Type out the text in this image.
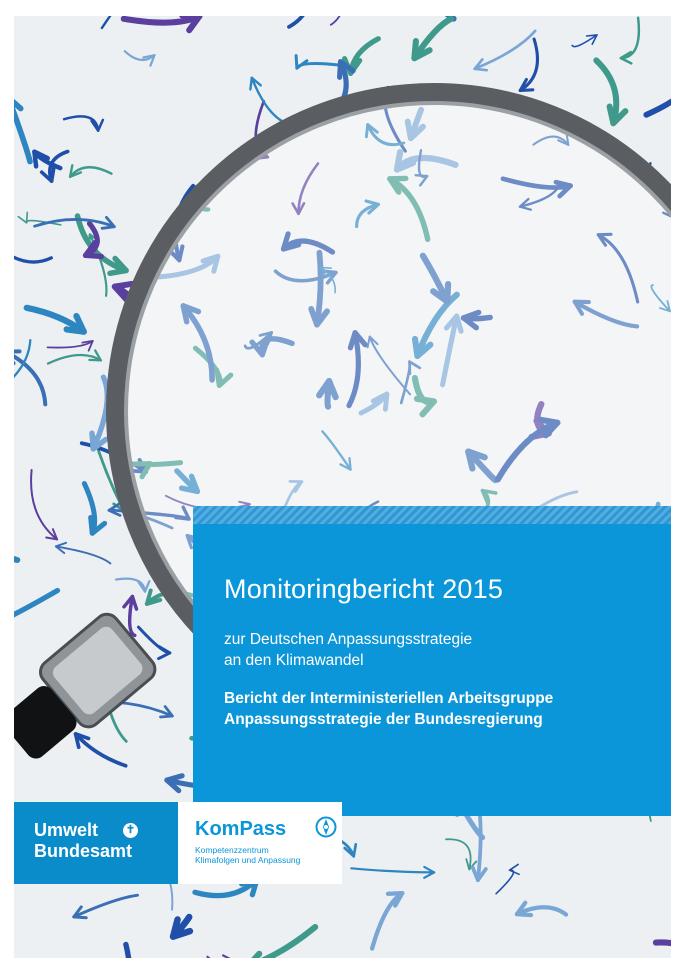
Monitoringbericht 2015
zur Deutschen Anpassungsstrategie
an den Klimawandel
Bericht der Interministeriellen Arbeitsgruppe
Anpassungsstrategie der Bundesregierung
Umwelt
Bundesamt
✝	KomPass
Kompetenzzentrum
Klimafolgen und Anpassung
